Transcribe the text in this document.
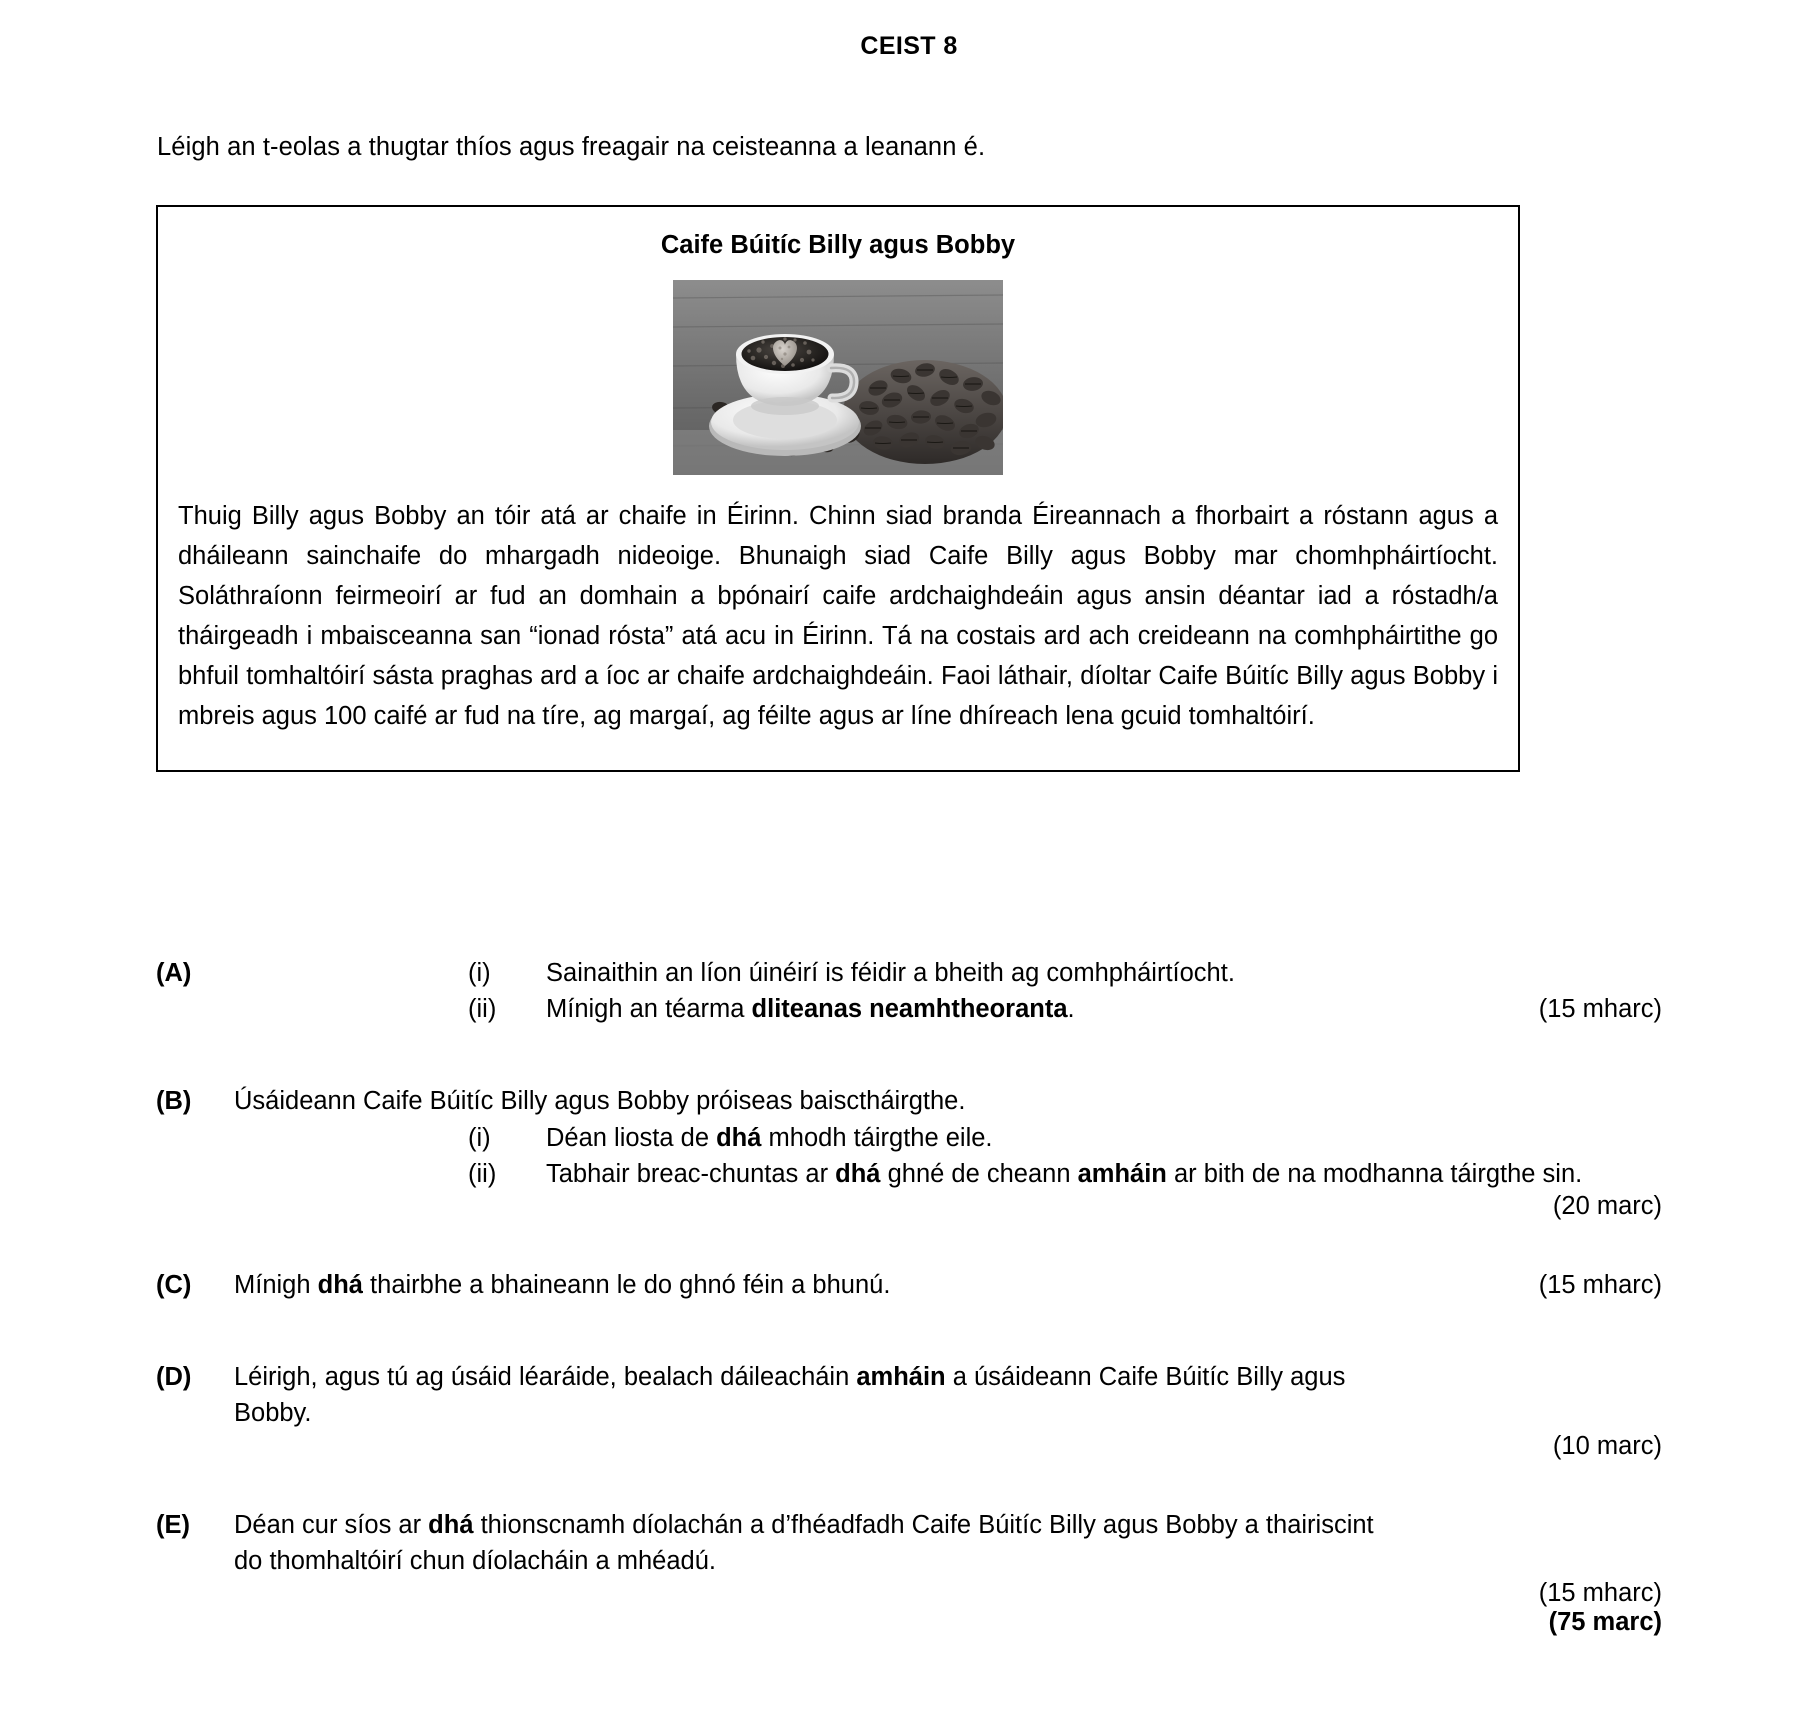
CEIST 8
Léigh an t-eolas a thugtar thíos agus freagair na ceisteanna a leanann é.
Caife Búitíc Billy agus Bobby

Thuig Billy agus Bobby an tóir atá ar chaife in Éirinn. Chinn siad branda Éireannach a fhorbairt a róstann agus a dháileann sainchaife do mhargadh nideoige. Bhunaigh siad Caife Billy agus Bobby mar chomhpháirtíocht. Soláthraíonn feirmeoirí ar fud an domhain a bpónairí caife ardchaighdeáin agus ansin déantar iad a róstadh/a tháirgeadh i mbaisceanna san “ionad rósta” atá acu in Éirinn. Tá na costais ard ach creideann na comhpháirtithe go bhfuil tomhaltóirí sásta praghas ard a íoc ar chaife ardchaighdeáin. Faoi láthair, díoltar Caife Búitíc Billy agus Bobby i mbreis agus 100 caifé ar fud na tíre, ag margaí, ag féilte agus ar líne dhíreach lena gcuid tomhaltóirí.

(A)	(i)	Sainaithin an líon úinéirí is féidir a bheith ag comhpháirtíocht.
(ii)	Mínigh an téarma dliteanas neamhtheoranta.	(15 mharc)
(B)	Úsáideann Caife Búitíc Billy agus Bobby próiseas baisctháirgthe.
(i)	Déan liosta de dhá mhodh táirgthe eile.
(ii)	Tabhair breac-chuntas ar dhá ghné de cheann amháin ar bith de na modhanna táirgthe sin.
(20 marc)
(C)	Mínigh dhá thairbhe a bhaineann le do ghnó féin a bhunú.	(15 mharc)
(D)	Léirigh, agus tú ag úsáid léaráide, bealach dáileacháin amháin a úsáideann Caife Búitíc Billy agus Bobby.
(10 marc)
(E)	Déan cur síos ar dhá thionscnamh díolachán a d’fhéadfadh Caife Búitíc Billy agus Bobby a thairiscint do thomhaltóirí chun díolacháin a mhéadú.
(15 mharc)
(75 marc)
